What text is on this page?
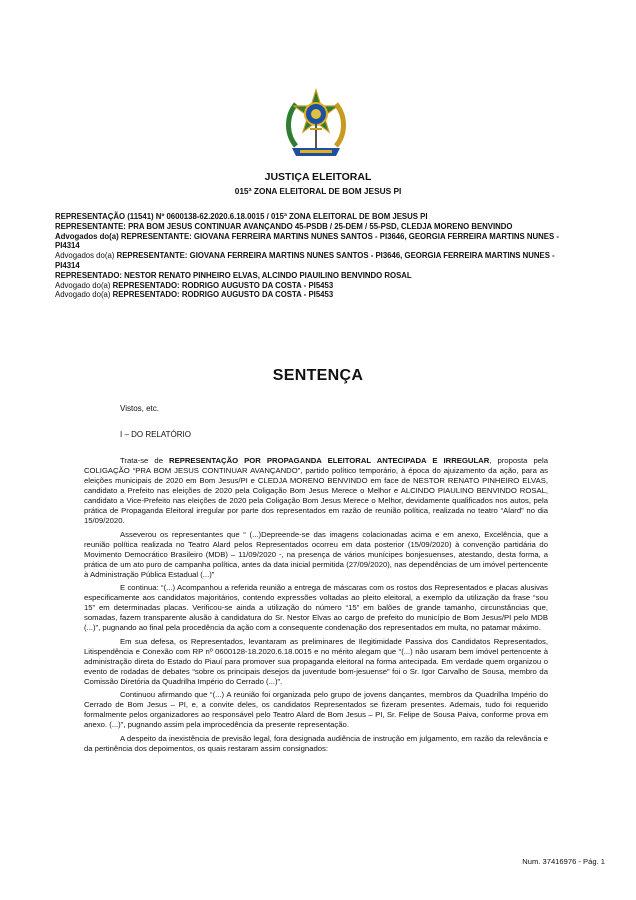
JUSTIÇA ELEITORAL
015ª ZONA ELEITORAL DE BOM JESUS PI
REPRESENTAÇÃO (11541) Nº 0600138-62.2020.6.18.0015 / 015ª ZONA ELEITORAL DE BOM JESUS PI
REPRESENTANTE: PRA BOM JESUS CONTINUAR AVANÇANDO 45-PSDB / 25-DEM / 55-PSD, CLEDJA MORENO BENVINDO
Advogados do(a) REPRESENTANTE: GIOVANA FERREIRA MARTINS NUNES SANTOS - PI3646, GEORGIA FERREIRA MARTINS NUNES - PI4314
Advogados do(a) REPRESENTANTE: GIOVANA FERREIRA MARTINS NUNES SANTOS - PI3646, GEORGIA FERREIRA MARTINS NUNES - PI4314
REPRESENTADO: NESTOR RENATO PINHEIRO ELVAS, ALCINDO PIAUILINO BENVINDO ROSAL
Advogado do(a) REPRESENTADO: RODRIGO AUGUSTO DA COSTA - PI5453
Advogado do(a) REPRESENTADO: RODRIGO AUGUSTO DA COSTA - PI5453
SENTENÇA
Vistos, etc.
I – DO RELATÓRIO

Trata-se de REPRESENTAÇÃO POR PROPAGANDA ELEITORAL ANTECIPADA E IRREGULAR, proposta pela COLIGAÇÃO “PRA BOM JESUS CONTINUAR AVANÇANDO”, partido político temporário, à época do ajuizamento da ação, para as eleições municipais de 2020 em Bom Jesus/PI e CLEDJA MORENO BENVINDO em face de NESTOR RENATO PINHEIRO ELVAS, candidato a Prefeito nas eleições de 2020 pela Coligação Bom Jesus Merece o Melhor e ALCINDO PIAULINO BENVINDO ROSAL, candidato a Vice-Prefeito nas eleições de 2020 pela Coligação Bom Jesus Merece o Melhor, devidamente qualificados nos autos, pela prática de Propaganda Eleitoral irregular por parte dos representados em razão de reunião política, realizada no teatro “Alard” no dia 15/09/2020.

Asseverou os representantes que “ (...)Depreende-se das imagens colacionadas acima e em anexo, Excelência, que a reunião política realizada no Teatro Alard pelos Representados ocorreu em data posterior (15/09/2020) à convenção partidária do Movimento Democrático Brasileiro (MDB) – 11/09/2020 -, na presença de vários munícipes bonjesuenses, atestando, desta forma, a prática de um ato puro de campanha política, antes da data inicial permitida (27/09/2020), nas dependências de um imóvel pertencente à Administração Pública Estadual (...)”

E continua: “(...) Acompanhou a referida reunião a entrega de máscaras com os rostos dos Representados e placas alusivas especificamente aos candidatos majoritários, contendo expressões voltadas ao pleito eleitoral, a exemplo da utilização da frase “sou 15” em determinadas placas. Verificou-se ainda a utilização do número “15” em balões de grande tamanho, circunstâncias que, somadas, fazem transparente alusão à candidatura do Sr. Nestor Elvas ao cargo de prefeito do município de Bom Jesus/PI pelo MDB (...)”, pugnando ao final pela procedência da ação com a consequente condenação dos representados em multa, no patamar máximo.

Em sua defesa, os Representados, levantaram as preliminares de Ilegitimidade Passiva dos Candidatos Representados, Litispendência e Conexão com RP nº 0600128-18.2020.6.18.0015 e no mérito alegam que “(...) não usaram bem imóvel pertencente à administração direta do Estado do Piauí para promover sua propaganda eleitoral na forma antecipada. Em verdade quem organizou o evento de rodadas de debates “sobre os principais desejos da juventude bom-jesuense” foi o Sr. Igor Carvalho de Sousa, membro da Comissão Diretória da Quadrilha Império do Cerrado (...)”.

Continuou afirmando que “(...) A reunião foi organizada pelo grupo de jovens dançantes, membros da Quadrilha Império do Cerrado de Bom Jesus – PI, e, a convite deles, os candidatos Representados se fizeram presentes. Ademais, tudo foi requerido formalmente pelos organizadores ao responsável pelo Teatro Alard de Bom Jesus – PI, Sr. Felipe de Sousa Paiva, conforme prova em anexo. (...)”, pugnando assim pela improcedência da presente representação.

A despeito da inexistência de previsão legal, fora designada audiência de instrução em julgamento, em razão da relevância e da pertinência dos depoimentos, os quais restaram assim consignados:

Num. 37416976 - Pág. 1
